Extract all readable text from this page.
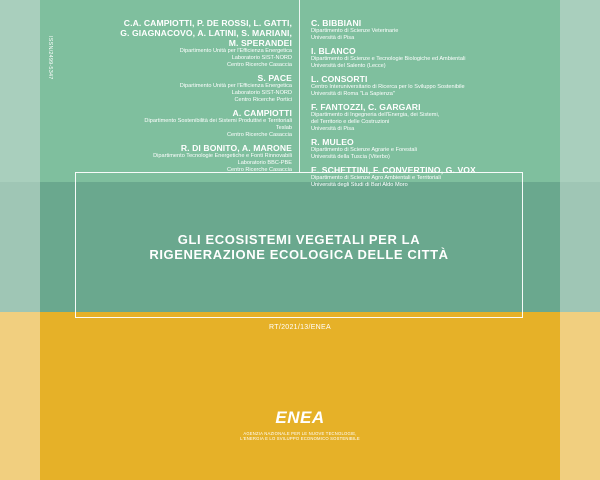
ISSN/2499-5347
C.A. CAMPIOTTI, P. DE ROSSI, L. GATTI,
G. GIAGNACOVO, A. LATINI, S. MARIANI,
M. SPERANDEI
Dipartimento Unità per l'Efficienza Energetica
Laboratorio SIST-NORD
Centro Ricerche Casaccia
S. PACE
Dipartimento Unità per l'Efficienza Energetica
Laboratorio SIST-NORD
Centro Ricerche Portici
A. CAMPIOTTI
Dipartimento Sostenibilità dei Sistemi Produttivi e Territoriali
Teslab
Centro Ricerche Casaccia
R. DI BONITO, A. MARONE
Dipartimento Tecnologie Energetiche e Fonti Rinnovabili
Laboratorio BBC-PBE
Centro Ricerche Casaccia
C. BIBBIANI
Dipartimento di Scienze Veterinarie
Università di Pisa
I. BLANCO
Dipartimento di Scienze e Tecnologie Biologiche ed Ambientali
Università del Salento (Lecce)
L. CONSORTI
Centro Interuniversitario di Ricerca per lo Sviluppo Sostenibile
Università di Roma "La Sapienza"
F. FANTOZZI, C. GARGARI
Dipartimento di Ingegneria dell'Energia, dei Sistemi,
del Territorio e delle Costruzioni
Università di Pisa
R. MULEO
Dipartimento di Scienze Agrarie e Forestali
Università della Tuscia (Viterbo)
E. SCHETTINI, F. CONVERTINO, G. VOX
Dipartimento di Scienze Agro Ambientali e Territoriali
Università degli Studi di Bari Aldo Moro
GLI ECOSISTEMI VEGETALI PER LA
RIGENERAZIONE ECOLOGICA DELLE CITTÀ
RT/2021/13/ENEA
ENEA
AGENZIA NAZIONALE PER LE NUOVE TECNOLOGIE,
L'ENERGIA E LO SVILUPPO ECONOMICO SOSTENIBILE
